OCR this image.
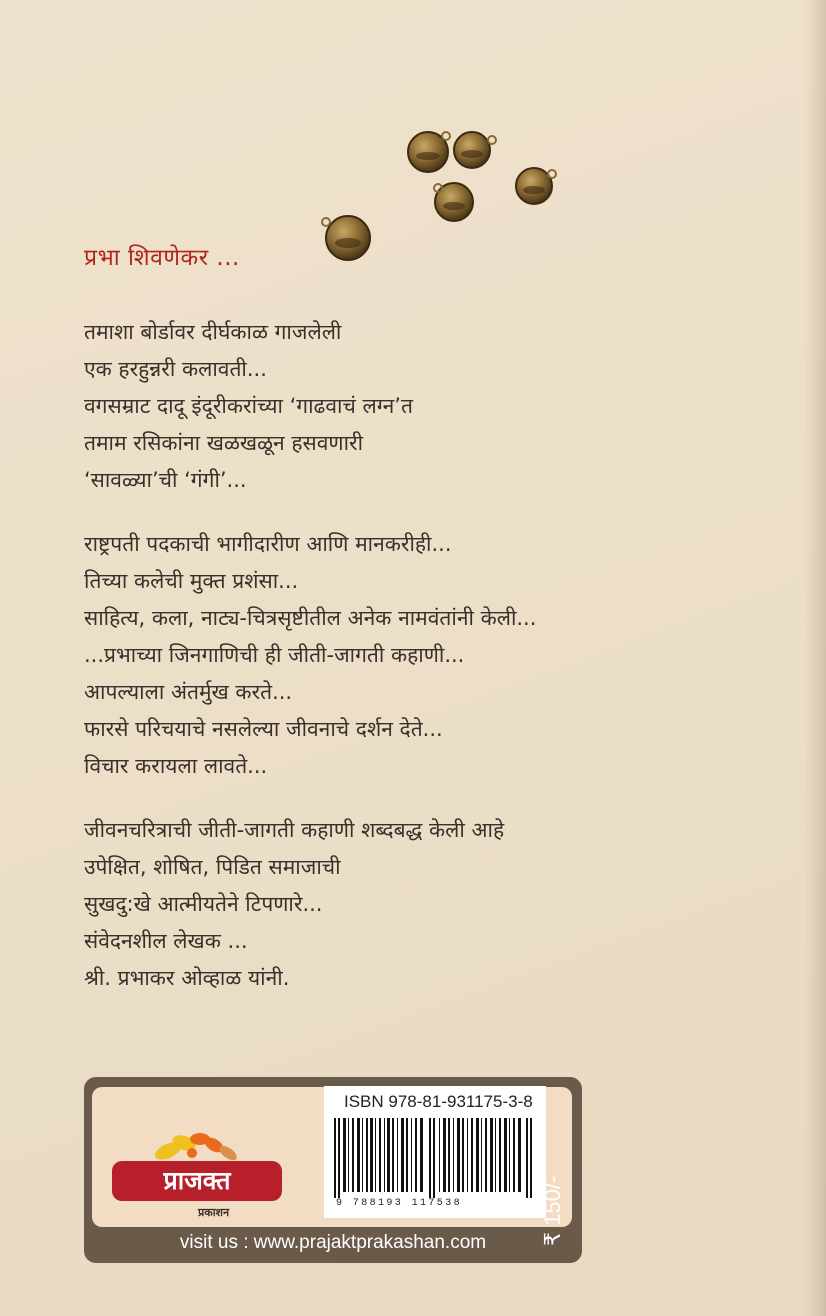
प्रभा शिवणेकर ...
तमाशा बोर्डावर दीर्घकाळ गाजलेली
एक हरहुन्नरी कलावती...
वगसम्राट दादू इंदूरीकरांच्या ‘गाढवाचं लग्न’त
तमाम रसिकांना खळखळून हसवणारी
‘सावळ्या’ची ‘गंगी’...
राष्ट्रपती पदकाची भागीदारीण आणि मानकरीही...
तिच्या कलेची मुक्त प्रशंसा...
साहित्य, कला, नाट्य-चित्रसृष्टीतील अनेक नामवंतांनी केली...
...प्रभाच्या जिनगाणिची ही जीती-जागती कहाणी...
आपल्याला अंतर्मुख करते...
फारसे परिचयाचे नसलेल्या जीवनाचे दर्शन देते...
विचार करायला लावते...
जीवनचरित्राची जीती-जागती कहाणी शब्दबद्ध केली आहे
उपेक्षित, शोषित, पिडित समाजाची
सुखदु:खे आत्मीयतेने टिपणारे...
संवेदनशील लेखक ...
श्री. प्रभाकर ओव्हाळ यांनी.
प्राजक्त
प्रकाशन
ISBN 978-81-931175-3-8
9 788193 117538	₹ 150/-
visit us : www.prajaktprakashan.com
